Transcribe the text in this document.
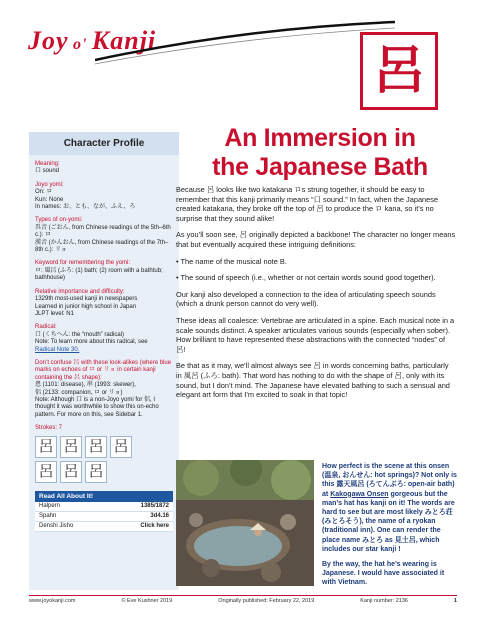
Joy o' Kanji
呂
Character Profile
Meaning:
口 sound
Joyo yomi:
On: ロ
Kun: None
In names: お、とも、なが、ふえ、ろ
Types of on-yomi:
呉音 (ごおん, from Chinese readings of the 5th–6th c.): ロ
漢音 (かんおん, from Chinese readings of the 7th–8th c.): リョ
Keyword for remembering the yomi:
ロ: 風呂 (ふろ: (1) bath; (2) room with a bathtub; bathhouse)
Relative importance and difficulty:
1329th most-used kanji in newspapers
Learned in junior high school in Japan
JLPT level: N1
Radical:
口 (くちへん: the “mouth” radical)
Note: To learn more about this radical, see
Radical Note 30.
Don’t confuse 呂 with these look-alikes (where blue marks on echoes of ロ or リョ in certain kanji containing the 呂 shape):
患 (1101: disease), 串 (1993: skewer),
侶 (2133: companion, ロ or リョ)
Note: Although 口 is a non-Joyo yomi for 侶, I thought it was worthwhile to show this on-echo pattern. For more on this, see Sidebar 1.
Strokes: 7
呂 呂 呂 呂
呂 呂 呂
Read All About It!
Halpern	1385/1872
Spahn	3d4.16
Denshi Jisho	Click here
An Immersion in
the Japanese Bath

Because 呂 looks like two katakana ロs strung together, it should be easy to remember that this kanji primarily means “口 sound.” In fact, when the Japanese created katakana, they broke off the top of 呂 to produce the ロ kana, so it’s no surprise that they sound alike!

As you’ll soon see, 呂 originally depicted a backbone! The character no longer means that but eventually acquired these intriguing definitions:

• The name of the musical note B.

• The sound of speech (i.e., whether or not certain words sound good together).

Our kanji also developed a connection to the idea of articulating speech sounds (which a drunk person cannot do very well).

These ideas all coalesce: Vertebrae are articulated in a spine. Each musical note in a scale sounds distinct. A speaker articulates various sounds (especially when sober). How brilliant to have represented these abstractions with the connected “nodes” of 呂!

Be that as it may, we’ll almost always see 呂 in words concerning baths, particularly in 風呂 (ふろ: bath). That word has nothing to do with the shape of 呂, only with its sound, but I don’t mind. The Japanese have elevated bathing to such a sensual and elegant art form that I’m excited to soak in that topic!

How perfect is the scene at this onsen (温泉, おんせん: hot springs)? Not only is this 露天風呂 (ろてんぶろ: open-air bath) at Kakogawa Onsen gorgeous but the man’s hat has kanji on it! The words are hard to see but are most likely みとろ荘 (みとろそう), the name of a ryokan (traditional inn). One can render the place name みとろ as 見土呂, which includes our star kanji !

By the way, the hat he’s wearing is Japanese. I would have associated it with Vietnam.

www.joyokanji.com	© Eve Kushner 2019	Originally published: February 22, 2019	Kanji number: 2136	1
